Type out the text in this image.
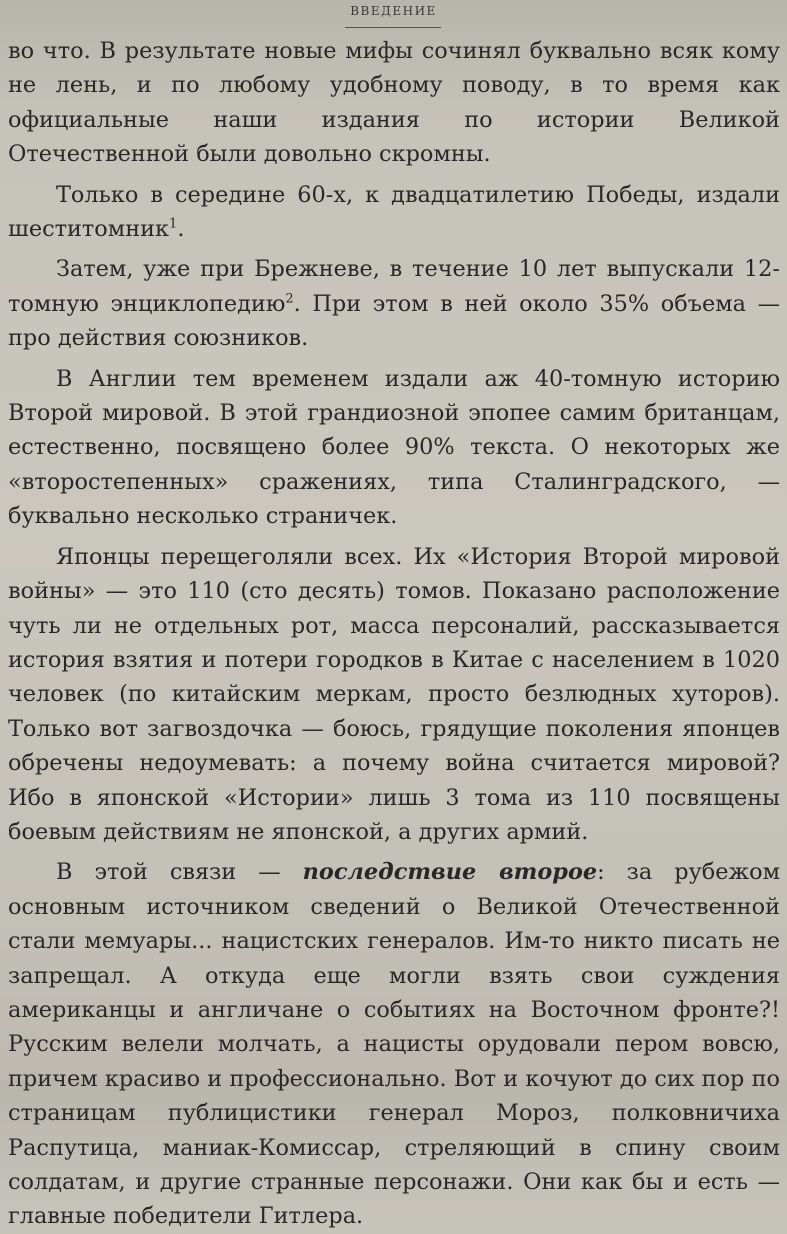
ВВЕДЕНИЕ

во что. В результате новые мифы сочинял буквально всяк кому не лень, и по любому удобному поводу, в то время как официальные наши издания по истории Великой Отечественной были довольно скромны.

Только в середине 60-х, к двадцатилетию Победы, издали шеститомник$^1$.

Затем, уже при Брежневе, в течение 10 лет выпускали 12-томную энциклопедию$^2$. При этом в ней около 35% объема — про действия союзников.

В Англии тем временем издали аж 40-томную историю Второй мировой. В этой грандиозной эпопее самим британцам, естественно, посвящено более 90% текста. О некоторых же «второстепенных» сражениях, типа Сталинградского, — буквально несколько страничек.

Японцы перещеголяли всех. Их «История Второй мировой войны» — это 110 (сто десять) томов. Показано расположение чуть ли не отдельных рот, масса персоналий, рассказывается история взятия и потери городков в Китае с населением в 1020 человек (по китайским меркам, просто безлюдных хуторов). Только вот загвоздочка — боюсь, грядущие поколения японцев обречены недоумевать: а почему война считается мировой? Ибо в японской «Истории» лишь 3 тома из 110 посвящены боевым действиям не японской, а других армий.

В этой связи — последствие второе: за рубежом основным источником сведений о Великой Отечественной стали мемуары... нацистских генералов. Им-то никто писать не запрещал. А откуда еще могли взять свои суждения американцы и англичане о событиях на Восточном фронте?! Русским велели молчать, а нацисты орудовали пером вовсю, причем красиво и профессионально. Вот и кочуют до сих пор по страницам публицистики генерал Мороз, полковничиха Распутица, маниак-Комиссар, стреляющий в спину своим солдатам, и другие странные персонажи. Они как бы и есть — главные победители Гитлера.
